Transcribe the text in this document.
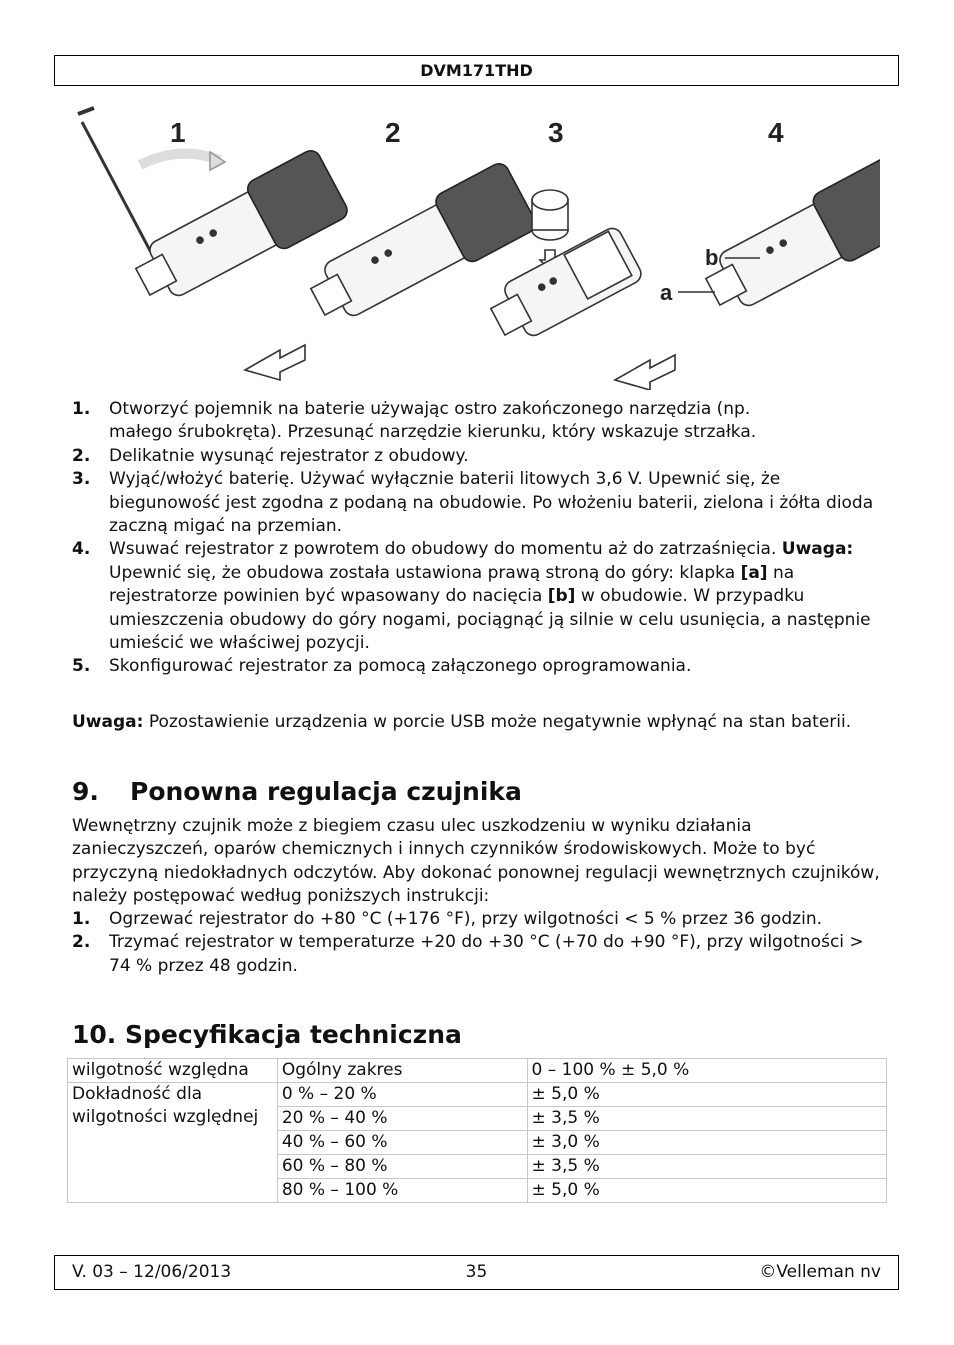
DVM171THD
1	2	3	4
b
a
1. Otworzyć pojemnik na baterie używając ostro zakończonego narzędzia (np. małego śrubokręta). Przesunąć narzędzie kierunku, który wskazuje strzałka.
2. Delikatnie wysunąć rejestrator z obudowy.
3. Wyjąć/włożyć baterię. Używać wyłącznie baterii litowych 3,6 V. Upewnić się, że biegunowość jest zgodna z podaną na obudowie. Po włożeniu baterii, zielona i żółta dioda zaczną migać na przemian.
4. Wsuwać rejestrator z powrotem do obudowy do momentu aż do zatrzaśnięcia. Uwaga: Upewnić się, że obudowa została ustawiona prawą stroną do góry: klapka [a] na rejestratorze powinien być wpasowany do nacięcia [b] w obudowie. W przypadku umieszczenia obudowy do góry nogami, pociągnąć ją silnie w celu usunięcia, a następnie umieścić we właściwej pozycji.
5. Skonfigurować rejestrator za pomocą załączonego oprogramowania.

Uwaga: Pozostawienie urządzenia w porcie USB może negatywnie wpłynąć na stan baterii.

9. Ponowna regulacja czujnika

Wewnętrzny czujnik może z biegiem czasu ulec uszkodzeniu w wyniku działania zanieczyszczeń, oparów chemicznych i innych czynników środowiskowych. Może to być przyczyną niedokładnych odczytów. Aby dokonać ponownej regulacji wewnętrznych czujników, należy postępować według poniższych instrukcji:

1. Ogrzewać rejestrator do +80 °C (+176 °F), przy wilgotności < 5 % przez 36 godzin.
2. Trzymać rejestrator w temperaturze +20 do +30 °C (+70 do +90 °F), przy wilgotności > 74 % przez 48 godzin.
10. Specyfikacja techniczna
wilgotność względna	Ogólny zakres	0 – 100 % ± 5,0 %
Dokładność dla wilgotności względnej	0 % – 20 %	± 5,0 %
	20 % – 40 %	± 3,5 %
	40 % – 60 %	± 3,0 %
	60 % – 80 %	± 3,5 %
	80 % – 100 %	± 5,0 %
V. 03 – 12/06/2013	35	©Velleman nv
